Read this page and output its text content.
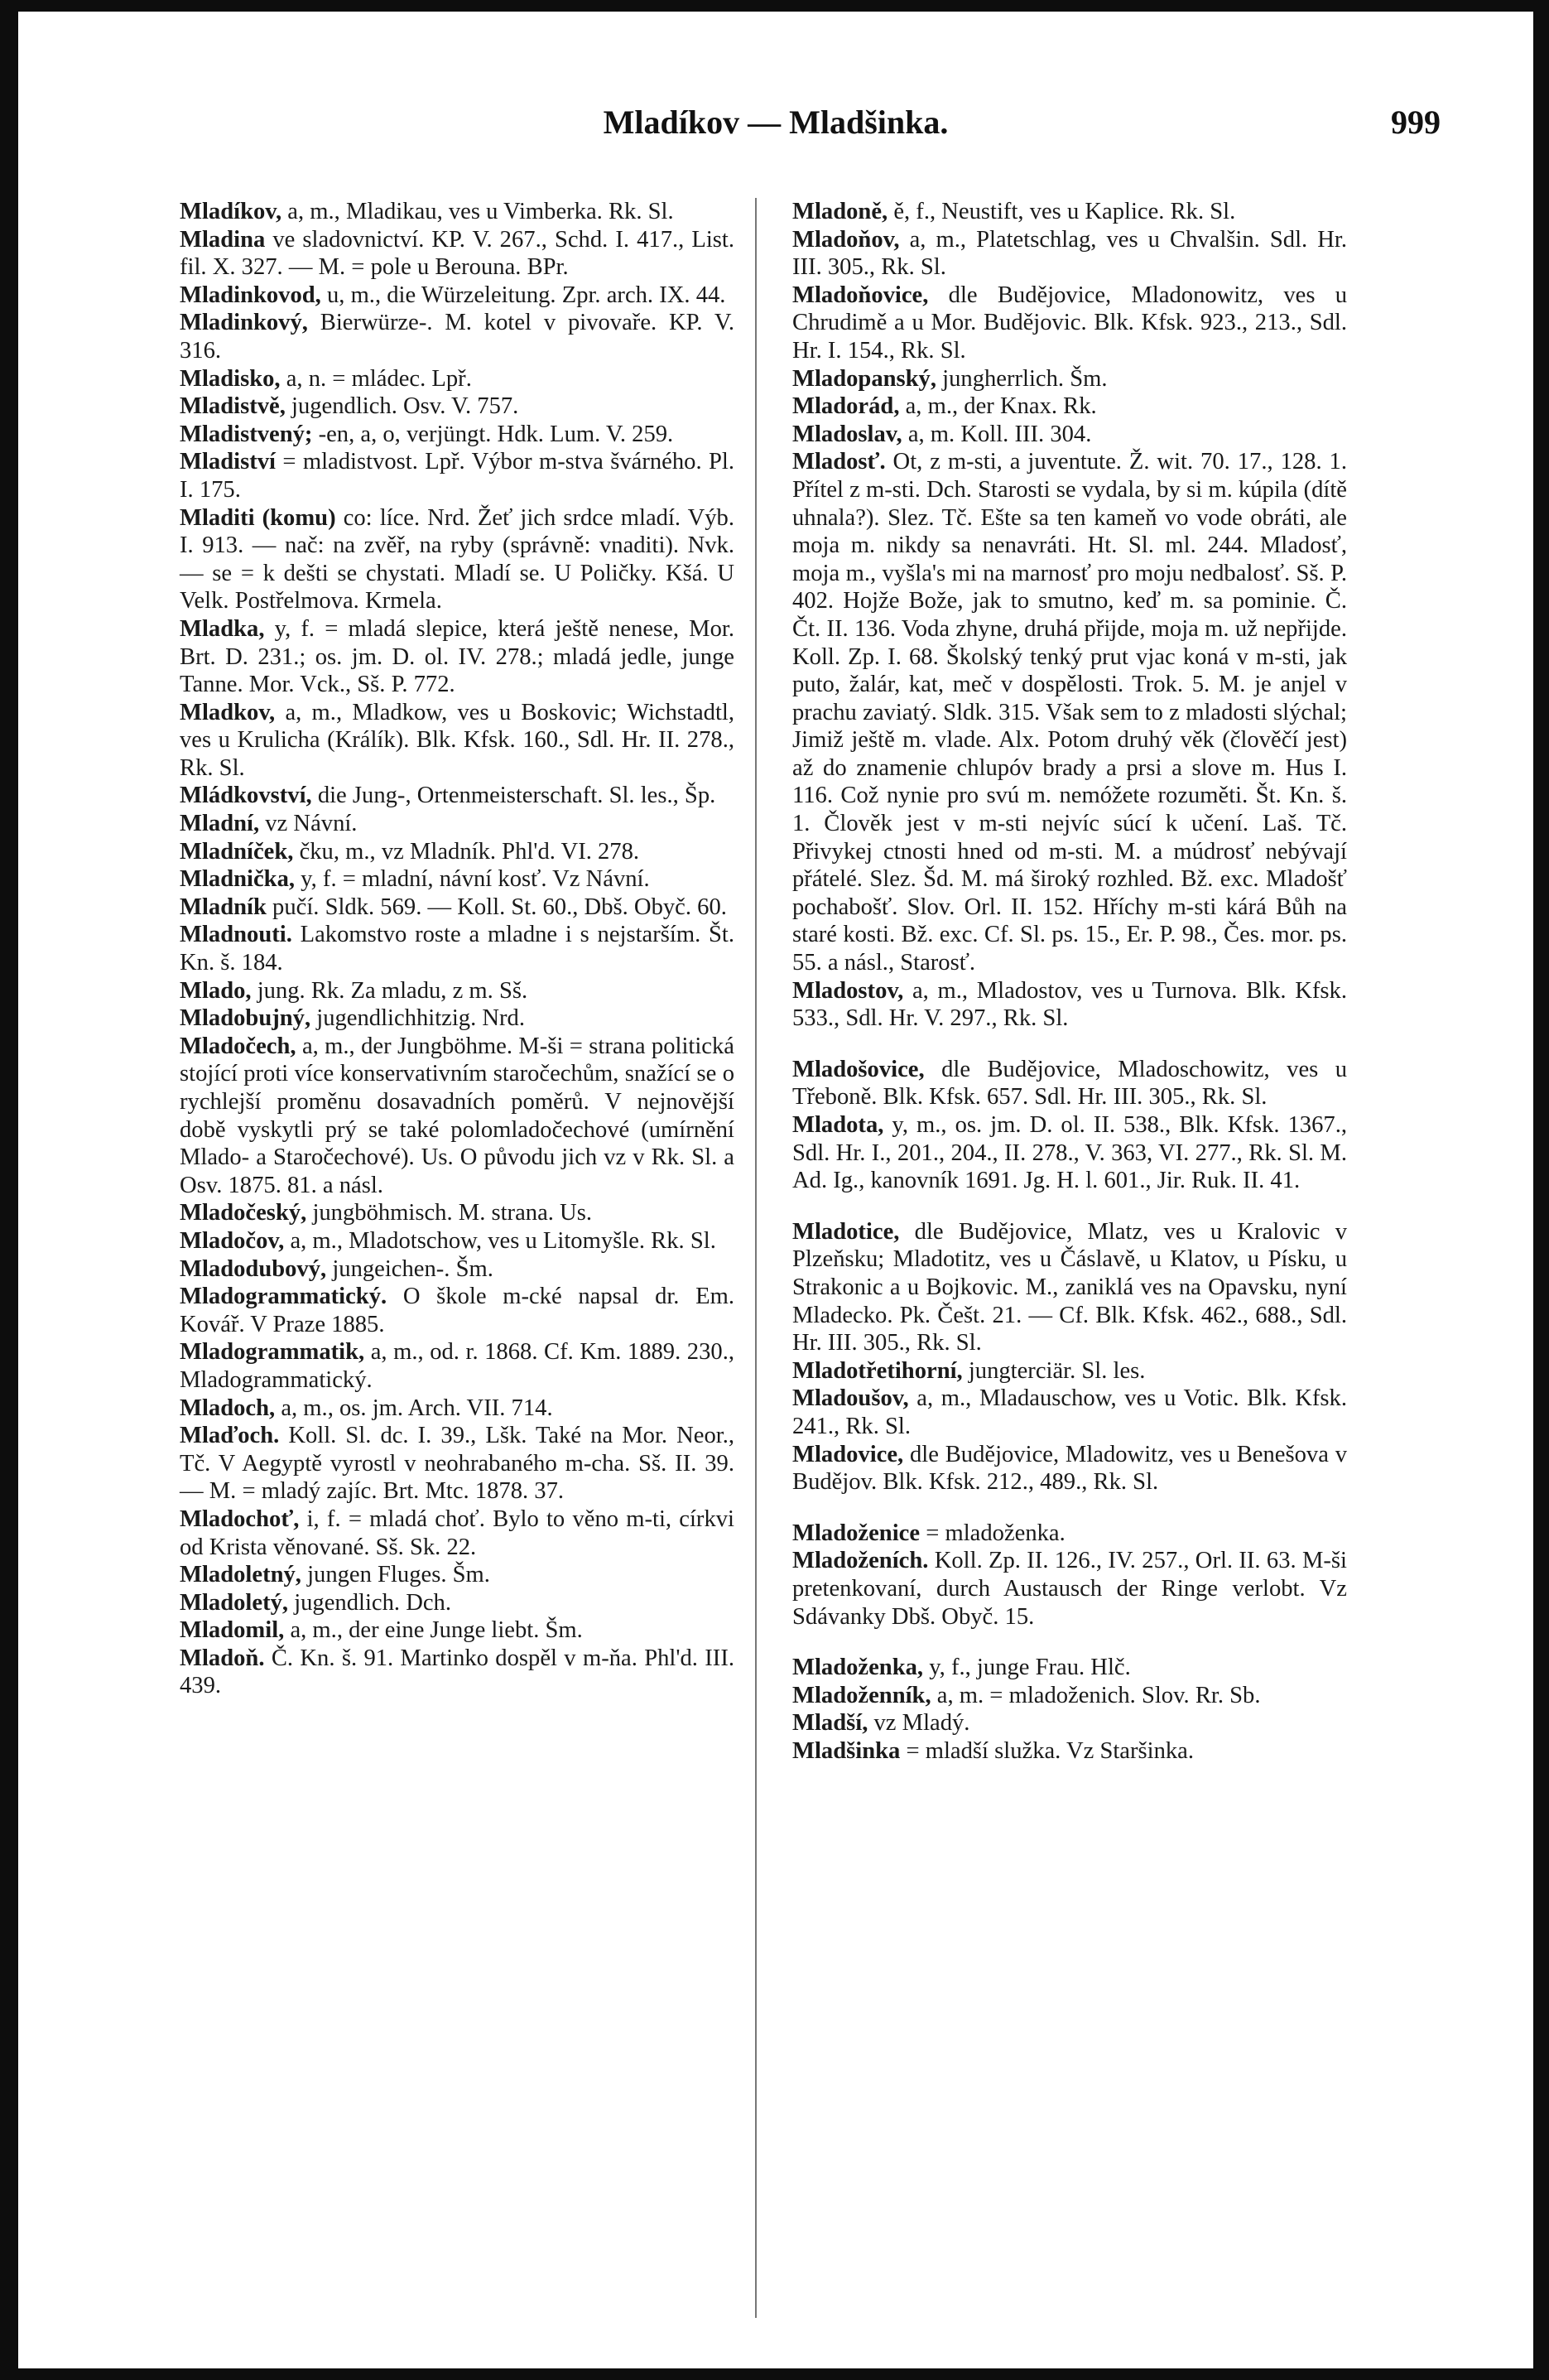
Mladíkov — Mladšinka.	999

Mladíkov, a, m., Mladikau, ves u Vimberka. Rk. Sl.

Mladina ve sladovnictví. KP. V. 267., Schd. I. 417., List. fil. X. 327. — M. = pole u Berouna. BPr.

Mladinkovod, u, m., die Würzeleitung. Zpr. arch. IX. 44.

Mladinkový, Bierwürze-. M. kotel v pivovaře. KP. V. 316.

Mladisko, a, n. = mládec. Lpř.

Mladistvě, jugendlich. Osv. V. 757.

Mladistvený; -en, a, o, verjüngt. Hdk. Lum. V. 259.

Mladiství = mladistvost. Lpř. Výbor m-stva švárného. Pl. I. 175.

Mladiti (komu) co: líce. Nrd. Žeť jich srdce mladí. Výb. I. 913. — nač: na zvěř, na ryby (správně: vnaditi). Nvk. — se = k dešti se chystati. Mladí se. U Poličky. Kšá. U Velk. Postřelmova. Krmela.

Mladka, y, f. = mladá slepice, která ještě nenese, Mor. Brt. D. 231.; os. jm. D. ol. IV. 278.; mladá jedle, junge Tanne. Mor. Vck., Sš. P. 772.

Mladkov, a, m., Mladkow, ves u Boskovic; Wichstadtl, ves u Krulicha (Králík). Blk. Kfsk. 160., Sdl. Hr. II. 278., Rk. Sl.

Mládkovství, die Jung-, Ortenmeisterschaft. Sl. les., Šp.

Mladní, vz Návní.

Mladníček, čku, m., vz Mladník. Phl'd. VI. 278.

Mladnička, y, f. = mladní, návní kosť. Vz Návní.

Mladník pučí. Sldk. 569. — Koll. St. 60., Dbš. Obyč. 60.

Mladnouti. Lakomstvo roste a mladne i s nejstarším. Št. Kn. š. 184.

Mlado, jung. Rk. Za mladu, z m. Sš.

Mladobujný, jugendlichhitzig. Nrd.

Mladočech, a, m., der Jungböhme. M-ši = strana politická stojící proti více konservativním staročechům, snažící se o rychlejší proměnu dosavadních poměrů. V nejnovější době vyskytli prý se také polomladočechové (umírnění Mlado- a Staročechové). Us. O původu jich vz v Rk. Sl. a Osv. 1875. 81. a násl.

Mladočeský, jungböhmisch. M. strana. Us.

Mladočov, a, m., Mladotschow, ves u Litomyšle. Rk. Sl.

Mladodubový, jungeichen-. Šm.

Mladogrammatický. O škole m-cké napsal dr. Em. Kovář. V Praze 1885.

Mladogrammatik, a, m., od. r. 1868. Cf. Km. 1889. 230., Mladogrammatický.

Mladoch, a, m., os. jm. Arch. VII. 714.

Mlaďoch. Koll. Sl. dc. I. 39., Lšk. Také na Mor. Neor., Tč. V Aegyptě vyrostl v neohrabaného m-cha. Sš. II. 39. — M. = mladý zajíc. Brt. Mtc. 1878. 37.

Mladochoť, i, f. = mladá choť. Bylo to věno m-ti, církvi od Krista věnované. Sš. Sk. 22.

Mladoletný, jungen Fluges. Šm.

Mladoletý, jugendlich. Dch.

Mladomil, a, m., der eine Junge liebt. Šm.

Mladoň. Č. Kn. š. 91. Martinko dospěl v m-ňa. Phl'd. III. 439.

Mladoně, ě, f., Neustift, ves u Kaplice. Rk. Sl.

Mladoňov, a, m., Platetschlag, ves u Chvalšin. Sdl. Hr. III. 305., Rk. Sl.

Mladoňovice, dle Budějovice, Mladonowitz, ves u Chrudimě a u Mor. Budějovic. Blk. Kfsk. 923., 213., Sdl. Hr. I. 154., Rk. Sl.

Mladopanský, jungherrlich. Šm.

Mladorád, a, m., der Knax. Rk.

Mladoslav, a, m. Koll. III. 304.

Mladosť. Ot, z m-sti, a juventute. Ž. wit. 70. 17., 128. 1. Přítel z m-sti. Dch. Starosti se vydala, by si m. kúpila (dítě uhnala?). Slez. Tč. Ešte sa ten kameň vo vode obráti, ale moja m. nikdy sa nenavráti. Ht. Sl. ml. 244. Mladosť, moja m., vyšla's mi na marnosť pro moju nedbalosť. Sš. P. 402. Hojže Bože, jak to smutno, keď m. sa pominie. Č. Čt. II. 136. Voda zhyne, druhá přijde, moja m. už nepřijde. Koll. Zp. I. 68. Školský tenký prut vjac koná v m-sti, jak puto, žalár, kat, meč v dospělosti. Trok. 5. M. je anjel v prachu zaviatý. Sldk. 315. Však sem to z mladosti slýchal; Jimiž ještě m. vlade. Alx. Potom druhý věk (člověčí jest) až do znamenie chlupóv brady a prsi a slove m. Hus I. 116. Což nynie pro svú m. nemóžete rozuměti. Št. Kn. š. 1. Člověk jest v m-sti nejvíc súcí k učení. Laš. Tč. Přivykej ctnosti hned od m-sti. M. a múdrosť nebývají přátelé. Slez. Šd. M. má široký rozhled. Bž. exc. Mladošť pochabošť. Slov. Orl. II. 152. Hříchy m-sti kárá Bůh na staré kosti. Bž. exc. Cf. Sl. ps. 15., Er. P. 98., Čes. mor. ps. 55. a násl., Starosť.

Mladostov, a, m., Mladostov, ves u Turnova. Blk. Kfsk. 533., Sdl. Hr. V. 297., Rk. Sl.

Mladošovice, dle Budějovice, Mladoschowitz, ves u Třeboně. Blk. Kfsk. 657. Sdl. Hr. III. 305., Rk. Sl.

Mladota, y, m., os. jm. D. ol. II. 538., Blk. Kfsk. 1367., Sdl. Hr. I., 201., 204., II. 278., V. 363, VI. 277., Rk. Sl. M. Ad. Ig., kanovník 1691. Jg. H. l. 601., Jir. Ruk. II. 41.

Mladotice, dle Budějovice, Mlatz, ves u Kralovic v Plzeňsku; Mladotitz, ves u Čáslavě, u Klatov, u Písku, u Strakonic a u Bojkovic. M., zaniklá ves na Opavsku, nyní Mladecko. Pk. Češt. 21. — Cf. Blk. Kfsk. 462., 688., Sdl. Hr. III. 305., Rk. Sl.

Mladotřetihorní, jungterciär. Sl. les.

Mladoušov, a, m., Mladauschow, ves u Votic. Blk. Kfsk. 241., Rk. Sl.

Mladovice, dle Budějovice, Mladowitz, ves u Benešova v Budějov. Blk. Kfsk. 212., 489., Rk. Sl.

Mladoženice = mladoženka.

Mladoženích. Koll. Zp. II. 126., IV. 257., Orl. II. 63. M-ši pretenkovaní, durch Austausch der Ringe verlobt. Vz Sdávanky Dbš. Obyč. 15.

Mladoženka, y, f., junge Frau. Hlč.

Mladoženník, a, m. = mladoženich. Slov. Rr. Sb.

Mladší, vz Mladý.

Mladšinka = mladší služka. Vz Staršinka.
